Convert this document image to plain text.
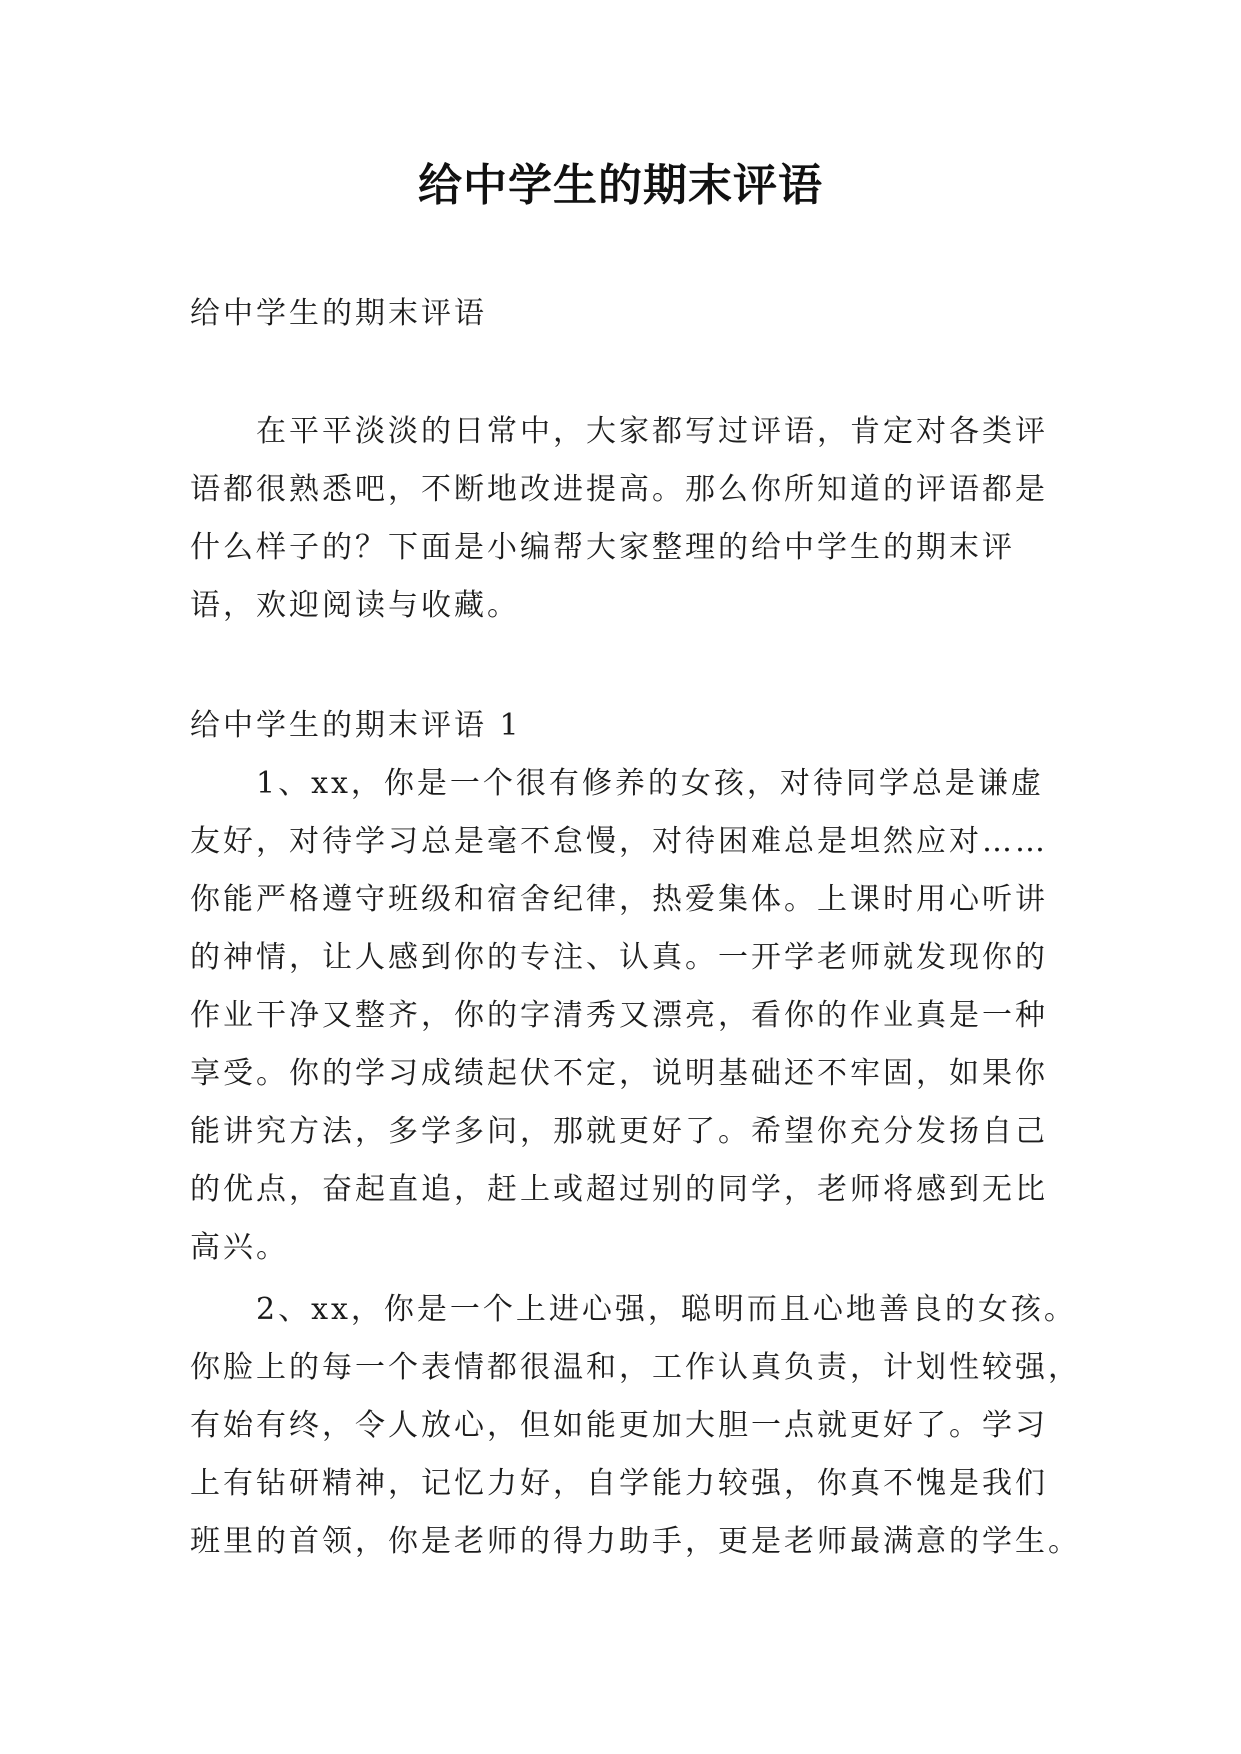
给中学生的期末评语
给中学生的期末评语
在平平淡淡的日常中，大家都写过评语，肯定对各类评
语都很熟悉吧，不断地改进提高。那么你所知道的评语都是
什么样子的？下面是小编帮大家整理的给中学生的期末评
语，欢迎阅读与收藏。
给中学生的期末评语 1
1、xx，你是一个很有修养的女孩，对待同学总是谦虚
友好，对待学习总是毫不怠慢，对待困难总是坦然应对……
你能严格遵守班级和宿舍纪律，热爱集体。上课时用心听讲
的神情，让人感到你的专注、认真。一开学老师就发现你的
作业干净又整齐，你的字清秀又漂亮，看你的作业真是一种
享受。你的学习成绩起伏不定，说明基础还不牢固，如果你
能讲究方法，多学多问，那就更好了。希望你充分发扬自己
的优点，奋起直追，赶上或超过别的同学，老师将感到无比
高兴。
2、xx，你是一个上进心强，聪明而且心地善良的女孩。
你脸上的每一个表情都很温和，工作认真负责，计划性较强，
有始有终，令人放心，但如能更加大胆一点就更好了。学习
上有钻研精神，记忆力好，自学能力较强，你真不愧是我们
班里的首领，你是老师的得力助手，更是老师最满意的学生。
